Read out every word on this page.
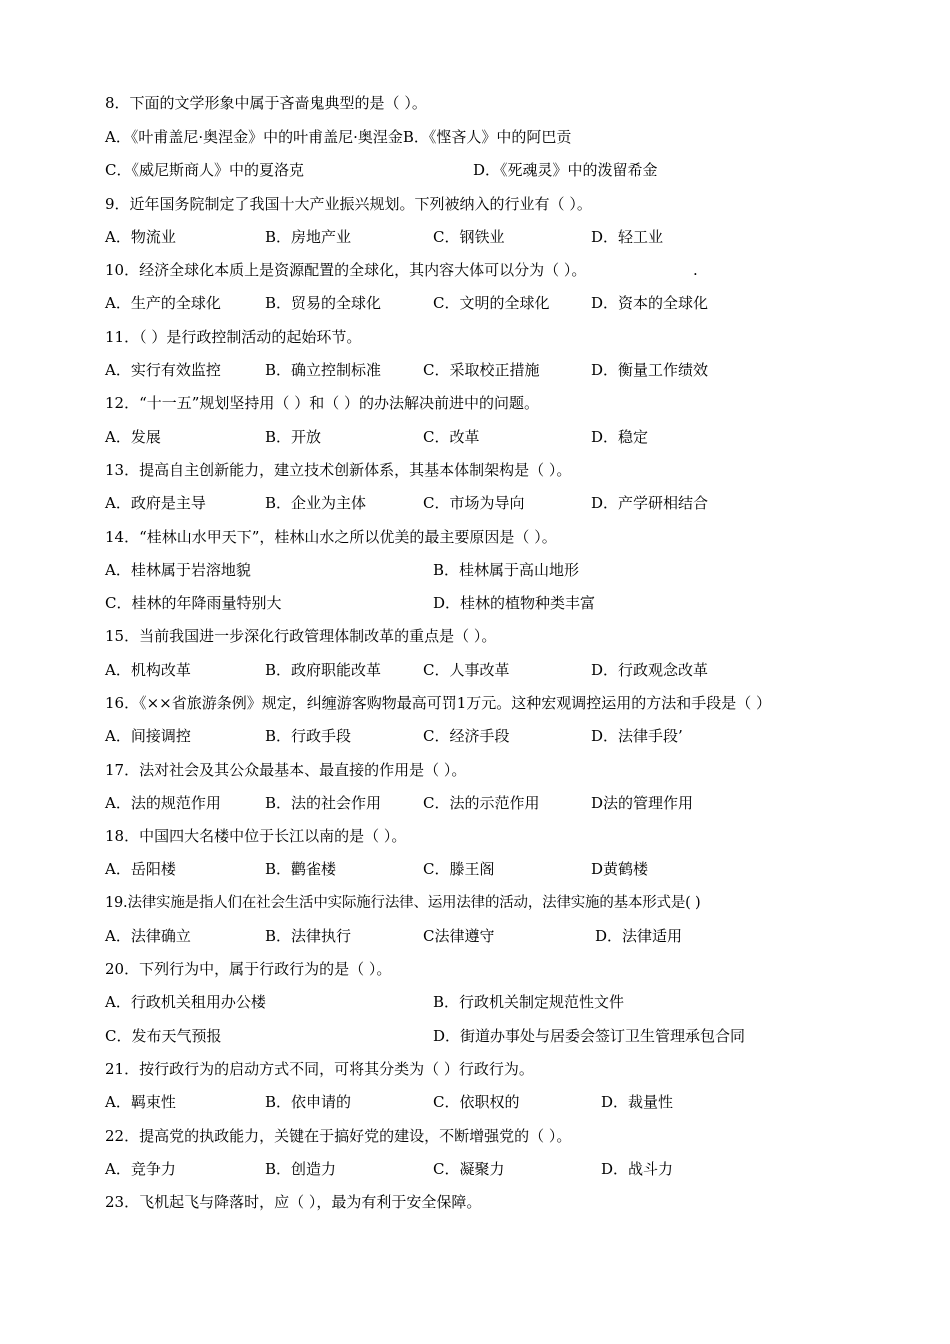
8．下面的文学形象中属于吝啬鬼典型的是（ ）。
A．《叶甫盖尼·奥涅金》中的叶甫盖尼·奥涅金B．《悭吝人》中的阿巴贡
C．《威尼斯商人》中的夏洛克	D．《死魂灵》中的泼留希金
9．近年国务院制定了我国十大产业振兴规划。下列被纳入的行业有（ ）。
A．物流业	B．房地产业	C．钢铁业	D．轻工业
10．经济全球化本质上是资源配置的全球化，其内容大体可以分为（ ）。	.
A．生产的全球化	B．贸易的全球化	C．文明的全球化	D．资本的全球化
11．（ ）是行政控制活动的起始环节。
A．实行有效监控	B．确立控制标准	C．采取校正措施	D．衡量工作绩效
12．“十一五”规划坚持用（ ）和（ ）的办法解决前进中的问题。
A．发展	B．开放	C．改革	D．稳定
13．提高自主创新能力，建立技术创新体系，其基本体制架构是（ ）。
A．政府是主导	B．企业为主体	C．市场为导向	D．产学研相结合
14．“桂林山水甲天下”，桂林山水之所以优美的最主要原因是（ ）。
A．桂林属于岩溶地貌	B．桂林属于高山地形
C．桂林的年降雨量特别大	D．桂林的植物种类丰富
15．当前我国进一步深化行政管理体制改革的重点是（ ）。
A．机构改革	B．政府职能改革	C．人事改革	D．行政观念改革
16．《××省旅游条例》规定，纠缠游客购物最高可罚1万元。这种宏观调控运用的方法和手段是（ ）
A．间接调控	B．行政手段	C．经济手段	D．法律手段’
17．法对社会及其公众最基本、最直接的作用是（ ）。
A．法的规范作用	B．法的社会作用	C．法的示范作用	D法的管理作用
18．中国四大名楼中位于长江以南的是（ ）。
A．岳阳楼	B．鹳雀楼	C．滕王阁	D黄鹤楼
19.法律实施是指人们在社会生活中实际施行法律、运用法律的活动，法律实施的基本形式是( )
A．法律确立	B．法律执行	C法律遵守	D．法律适用
20．下列行为中，属于行政行为的是（ ）。
A．行政机关租用办公楼	B．行政机关制定规范性文件
C．发布天气预报	D．街道办事处与居委会签订卫生管理承包合同
21．按行政行为的启动方式不同，可将其分类为（ ）行政行为。
A．羁束性	B．依申请的	C．依职权的	D．裁量性
22．提高党的执政能力，关键在于搞好党的建设，不断增强党的（ ）。
A．竞争力	B．创造力	C．凝聚力	D．战斗力
23．飞机起飞与降落时，应（ ），最为有利于安全保障。
